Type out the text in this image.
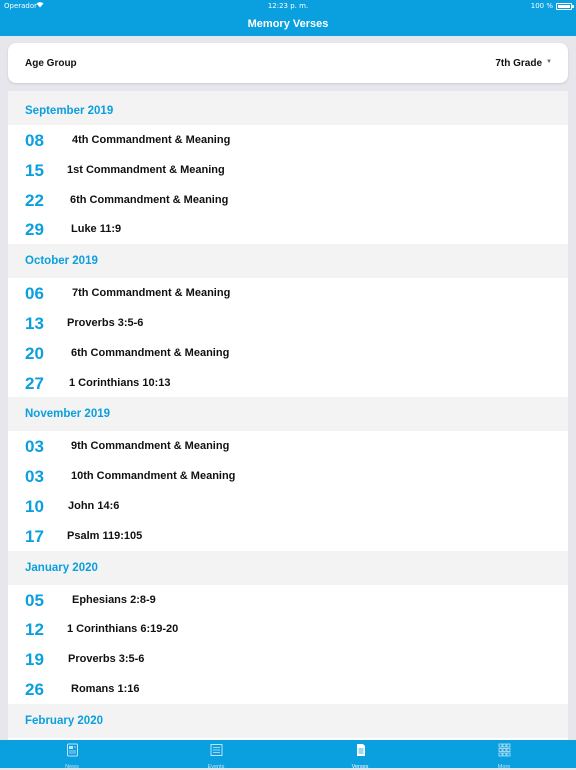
Operador	12:23 p. m.	100 %
Memory Verses
Age Group	7th Grade ▼
September 2019
08	4th Commandment & Meaning
15 1st Commandment & Meaning
22 6th Commandment & Meaning
29 Luke 11:9
October 2019
06	7th Commandment & Meaning
13 Proverbs 3:5-6
20 6th Commandment & Meaning
27 1 Corinthians 10:13
November 2019
03 9th Commandment & Meaning
03 10th Commandment & Meaning
10 John 14:6
17 Psalm 119:105
January 2020
05	Ephesians 2:8-9
12 1 Corinthians 6:19-20
19 Proverbs 3:5-6
26 Romans 1:16
February 2020
News	Events	Verses	More
